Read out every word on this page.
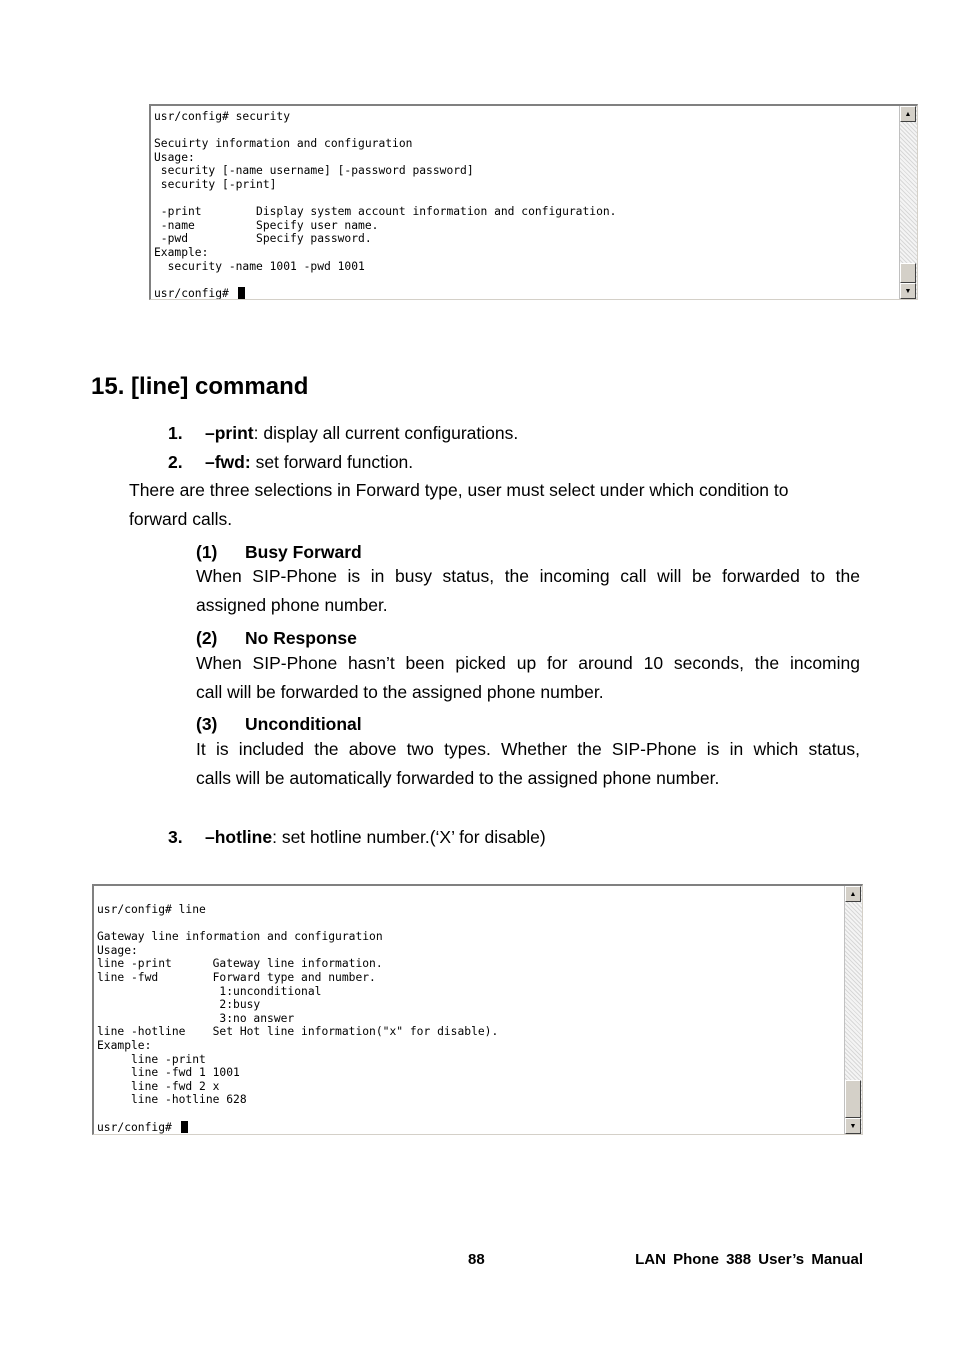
usr/config# security

Secuirty information and configuration
Usage:
security [-name username] [-password password]
security [-print]

-print        Display system account information and configuration.
-name         Specify user name.
-pwd          Specify password.
Example:
security -name 1001 -pwd 1001

usr/config#
▲
▼
15. [line] command
1. –print: display all current configurations.
2. –fwd: set forward function.
There are three selections in Forward type, user must select under which condition to
forward calls.
(1) Busy Forward
When SIP-Phone is in busy status, the incoming call will be forwarded to the
assigned phone number.
(2) No Response
When SIP-Phone hasn’t been picked up for around 10 seconds, the incoming
call will be forwarded to the assigned phone number.
(3) Unconditional
It is included the above two types. Whether the SIP-Phone is in which status,
calls will be automatically forwarded to the assigned phone number.
3. –hotline: set hotline number.(‘X’ for disable)
usr/config# line

Gateway line information and configuration
Usage:
line -print      Gateway line information.
line -fwd        Forward type and number.
1:unconditional
2:busy
3:no answer
line -hotline    Set Hot line information("x" for disable).
Example:
line -print
line -fwd 1 1001
line -fwd 2 x
line -hotline 628

usr/config#
▲
▼
88	LAN Phone 388 User’s Manual
